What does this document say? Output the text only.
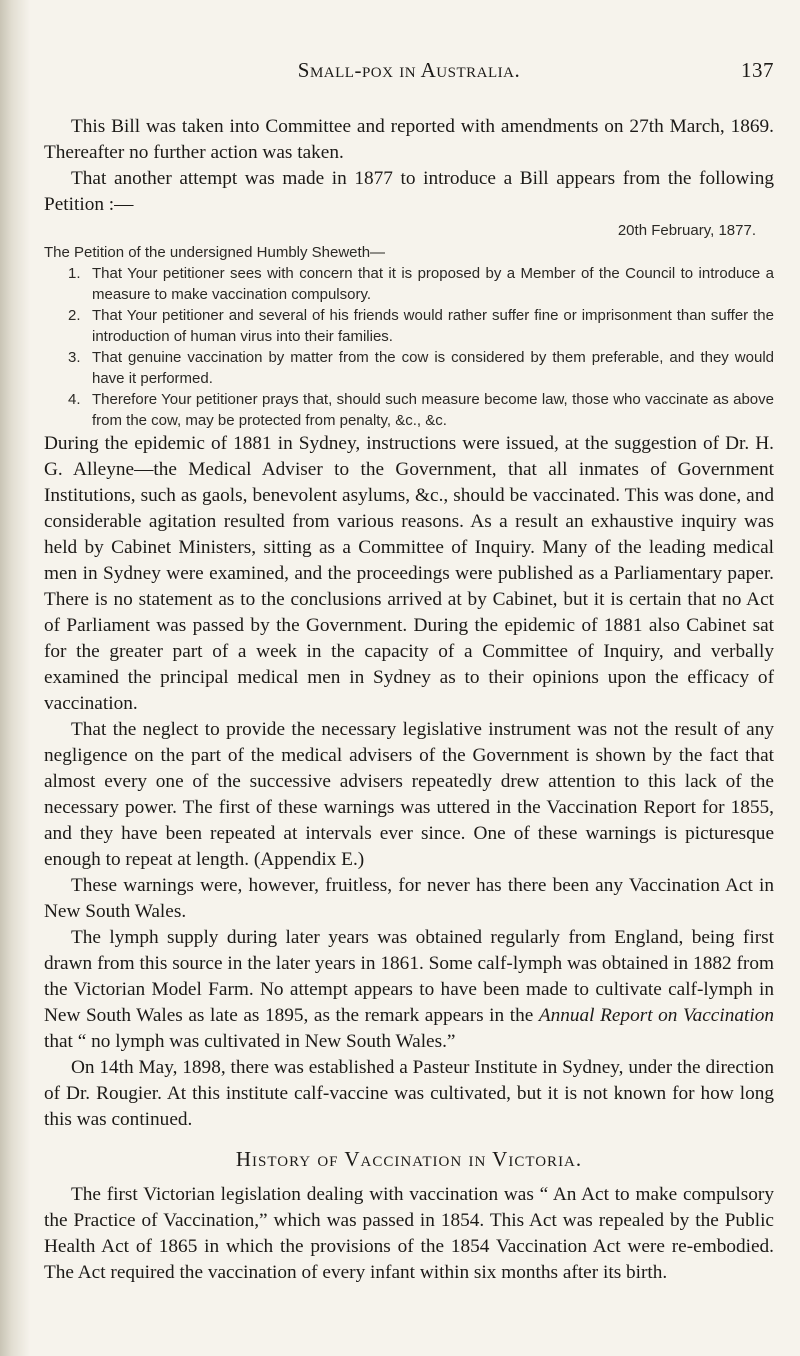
Small-pox in Australia.	137

This Bill was taken into Committee and reported with amendments on 27th March, 1869. Thereafter no further action was taken.

That another attempt was made in 1877 to introduce a Bill appears from the following Petition :—

20th February, 1877.
The Petition of the undersigned Humbly Sheweth—
1. That Your petitioner sees with concern that it is proposed by a Member of the Council to introduce a measure to make vaccination compulsory.
2. That Your petitioner and several of his friends would rather suffer fine or imprisonment than suffer the introduction of human virus into their families.
3. That genuine vaccination by matter from the cow is considered by them preferable, and they would have it performed.
4. Therefore Your petitioner prays that, should such measure become law, those who vaccinate as above from the cow, may be protected from penalty, &c., &c.

During the epidemic of 1881 in Sydney, instructions were issued, at the suggestion of Dr. H. G. Alleyne—the Medical Adviser to the Government, that all inmates of Government Institutions, such as gaols, benevolent asylums, &c., should be vaccinated. This was done, and considerable agitation resulted from various reasons. As a result an exhaustive inquiry was held by Cabinet Ministers, sitting as a Committee of Inquiry. Many of the leading medical men in Sydney were examined, and the proceedings were published as a Parliamentary paper. There is no statement as to the conclusions arrived at by Cabinet, but it is certain that no Act of Parliament was passed by the Government. During the epidemic of 1881 also Cabinet sat for the greater part of a week in the capacity of a Committee of Inquiry, and verbally examined the principal medical men in Sydney as to their opinions upon the efficacy of vaccination.

That the neglect to provide the necessary legislative instrument was not the result of any negligence on the part of the medical advisers of the Government is shown by the fact that almost every one of the successive advisers repeatedly drew attention to this lack of the necessary power. The first of these warnings was uttered in the Vaccination Report for 1855, and they have been repeated at intervals ever since. One of these warnings is picturesque enough to repeat at length. (Appendix E.)

These warnings were, however, fruitless, for never has there been any Vaccination Act in New South Wales.

The lymph supply during later years was obtained regularly from England, being first drawn from this source in the later years in 1861. Some calf-lymph was obtained in 1882 from the Victorian Model Farm. No attempt appears to have been made to cultivate calf-lymph in New South Wales as late as 1895, as the remark appears in the Annual Report on Vaccination that “ no lymph was cultivated in New South Wales.”

On 14th May, 1898, there was established a Pasteur Institute in Sydney, under the direction of Dr. Rougier. At this institute calf-vaccine was cultivated, but it is not known for how long this was continued.

History of Vaccination in Victoria.

The first Victorian legislation dealing with vaccination was “ An Act to make compulsory the Practice of Vaccination,” which was passed in 1854. This Act was repealed by the Public Health Act of 1865 in which the provisions of the 1854 Vaccination Act were re-embodied. The Act required the vaccination of every infant within six months after its birth.
